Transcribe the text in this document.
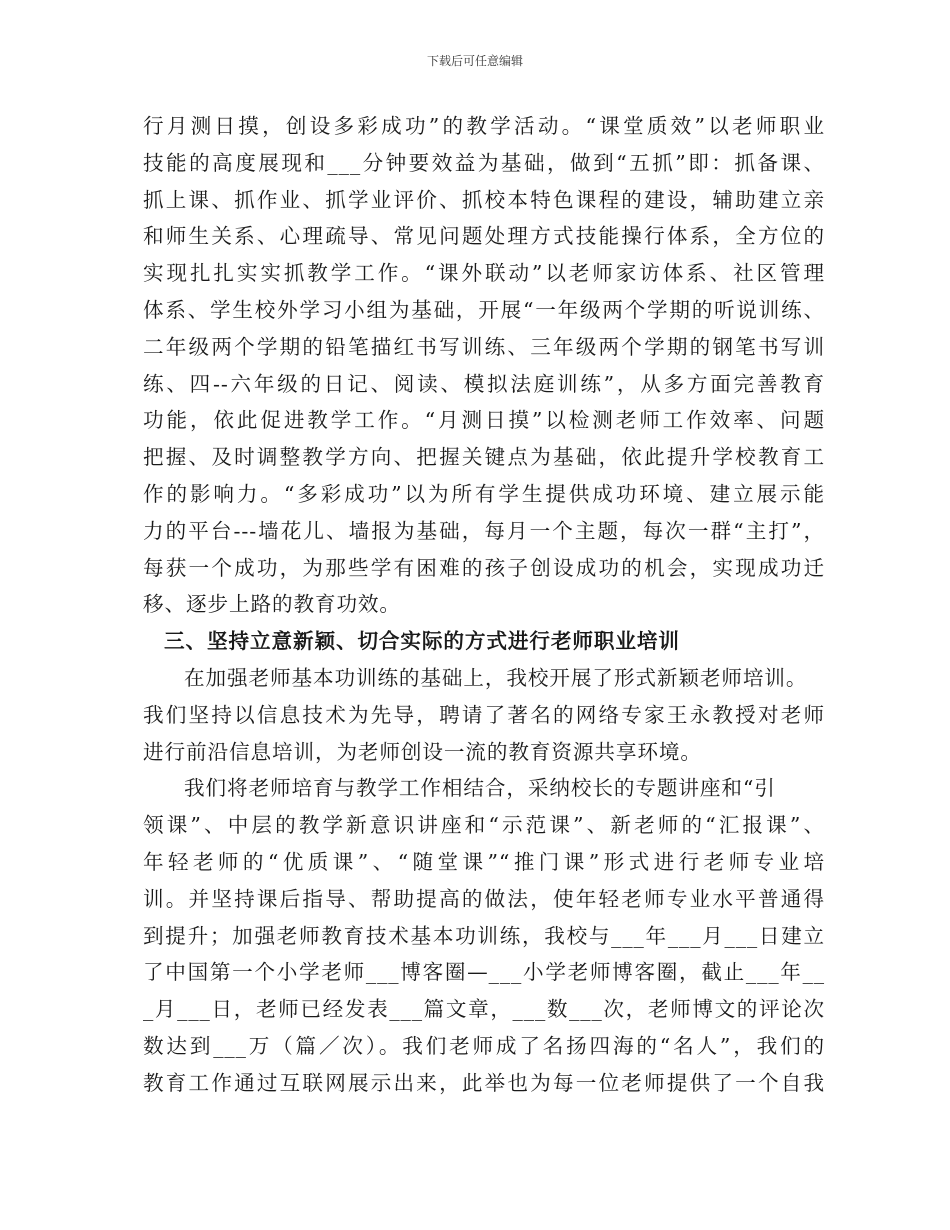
下载后可任意编辑
行月测日摸，创设多彩成功”的教学活动。“课堂质效”以老师职业
技能的高度展现和___分钟要效益为基础，做到“五抓”即：抓备课、
抓上课、抓作业、抓学业评价、抓校本特色课程的建设，辅助建立亲
和师生关系、心理疏导、常见问题处理方式技能操行体系，全方位的
实现扎扎实实抓教学工作。“课外联动”以老师家访体系、社区管理
体系、学生校外学习小组为基础，开展“一年级两个学期的听说训练、
二年级两个学期的铅笔描红书写训练、三年级两个学期的钢笔书写训
练、四--六年级的日记、阅读、模拟法庭训练”，从多方面完善教育
功能，依此促进教学工作。“月测日摸”以检测老师工作效率、问题
把握、及时调整教学方向、把握关键点为基础，依此提升学校教育工
作的影响力。“多彩成功”以为所有学生提供成功环境、建立展示能
力的平台---墙花儿、墙报为基础，每月一个主题，每次一群“主打”，
每获一个成功，为那些学有困难的孩子创设成功的机会，实现成功迁
移、逐步上路的教育功效。
三、坚持立意新颖、切合实际的方式进行老师职业培训
在加强老师基本功训练的基础上，我校开展了形式新颖老师培训。
我们坚持以信息技术为先导，聘请了著名的网络专家王永教授对老师
进行前沿信息培训，为老师创设一流的教育资源共享环境。
我们将老师培育与教学工作相结合，采纳校长的专题讲座和“引
领课”、中层的教学新意识讲座和“示范课”、新老师的“汇报课”、
年轻老师的“优质课”、“随堂课”“推门课”形式进行老师专业培
训。并坚持课后指导、帮助提高的做法，使年轻老师专业水平普通得
到提升；加强老师教育技术基本功训练，我校与___年___月___日建立
了中国第一个小学老师___博客圈—___小学老师博客圈，截止___年__
_月___日，老师已经发表___篇文章，___数___次，老师博文的评论次
数达到___万（篇／次）。我们老师成了名扬四海的“名人”，我们的
教育工作通过互联网展示出来，此举也为每一位老师提供了一个自我
